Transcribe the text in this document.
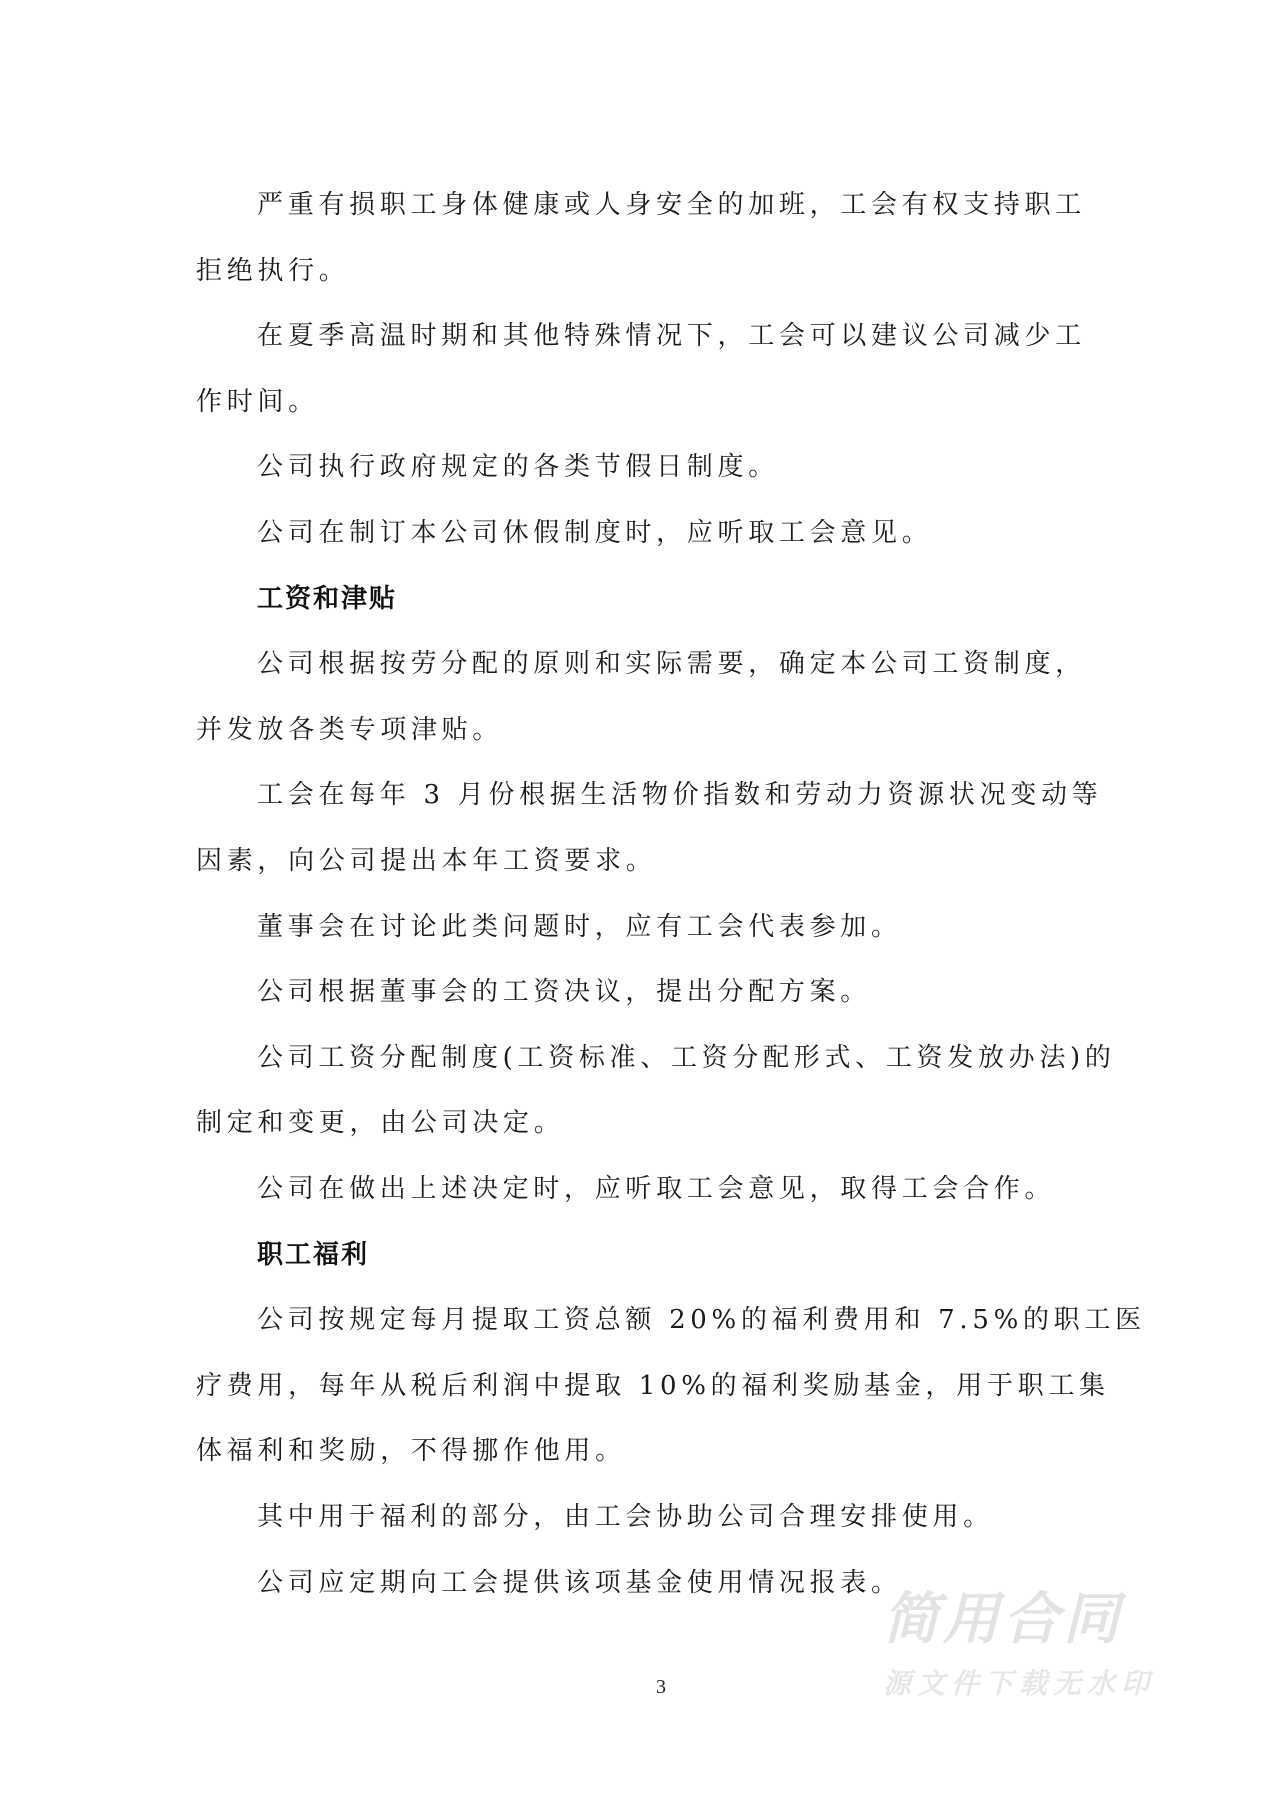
严重有损职工身体健康或人身安全的加班，工会有权支持职工
拒绝执行。
在夏季高温时期和其他特殊情况下，工会可以建议公司减少工
作时间。
公司执行政府规定的各类节假日制度。
公司在制订本公司休假制度时，应听取工会意见。
工资和津贴
公司根据按劳分配的原则和实际需要，确定本公司工资制度，
并发放各类专项津贴。
工会在每年 3 月份根据生活物价指数和劳动力资源状况变动等
因素，向公司提出本年工资要求。
董事会在讨论此类问题时，应有工会代表参加。
公司根据董事会的工资决议，提出分配方案。
公司工资分配制度(工资标准、工资分配形式、工资发放办法)的
制定和变更，由公司决定。
公司在做出上述决定时，应听取工会意见，取得工会合作。
职工福利
公司按规定每月提取工资总额 20%的福利费用和 7.5%的职工医
疗费用，每年从税后利润中提取 10%的福利奖励基金，用于职工集
体福利和奖励，不得挪作他用。
其中用于福利的部分，由工会协助公司合理安排使用。
公司应定期向工会提供该项基金使用情况报表。
3
简用合同
源文件下载无水印
